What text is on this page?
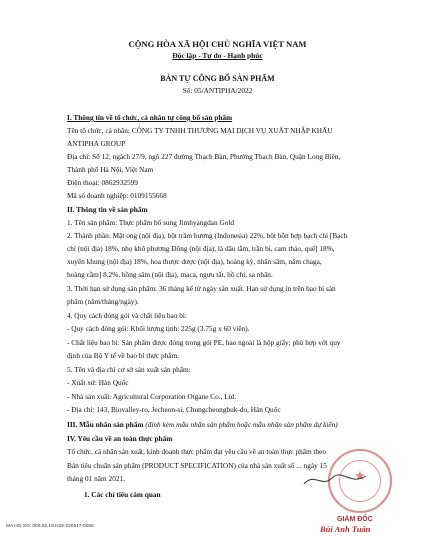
CỘNG HÒA XÃ HỘI CHỦ NGHĨA VIỆT NAM
Độc lập - Tự do - Hạnh phúc
BẢN TỰ CÔNG BỐ SẢN PHẨM
Số: 05/ANTIPHA/2022
I. Thông tin về tổ chức, cá nhân tự công bố sản phẩm
Tên tổ chức, cá nhân: CÔNG TY TNHH THƯƠNG MẠI DỊCH VỤ XUẤT NHẬP KHẨU
ANTIPHA GROUP
Địa chỉ: Số 12, ngách 27/9, ngõ 227 đường Thạch Bàn, Phường Thạch Bàn, Quận Long Biên,
Thành phố Hà Nội, Việt Nam
Điện thoại: 0862932599
Mã số doanh nghiệp: 0109155668
II. Thông tin về sản phẩm
1. Tên sản phẩm: Thực phẩm bổ sung Jimhyangdan Gold
2. Thành phần: Mật ong (nội địa), bột trầm hương (Indonesia) 22%, bột hỗn hợp bạch chỉ [Bạch
chỉ (nội địa) 18%, nhọ khô phương Đông (nội địa), lá dâu tằm, trần bì, cam thảo, quế] 18%,
xuyên khung (nội địa) 18%, hoa thược dược (nội địa), hoàng kỳ, nhân sâm, nấm chaga,
hoàng cầm] 8.2%, hồng sâm (nội địa), maca, ngưu tất, hồ chi, sa nhân.
3. Thời hạn sử dụng sản phẩm: 36 tháng kể từ ngày sản xuất. Hạn sử dụng in trên bao bì sản
phẩm (năm/tháng/ngày).
4. Quy cách đóng gói và chất liệu bao bì:
- Quy cách đóng gói: Khối lượng tịnh: 225g (3.75g x 60 viên).
- Chất liệu bao bì: Sản phẩm được đóng trong gói PE, bao ngoài là hộp giấy; phù hợp với quy
định của Bộ Y tế về bao bì thực phẩm.
5. Tên và địa chỉ cơ sở sản xuất sản phẩm:
- Xuất xứ: Hàn Quốc
- Nhà sản xuất: Agricultural Corporation Otgane Co., Ltd.
- Địa chỉ: 143, Biovalley-ro, Jecheon-si, Chungcheongbuk-do, Hàn Quốc
III. Mẫu nhãn sản phẩm (đính kèm mẫu nhãn sản phẩm hoặc mẫu nhãn sản phẩm dự kiến)
IV. Yêu cầu về an toàn thực phẩm
Tổ chức, cá nhân sản xuất, kinh doanh thực phẩm đạt yêu cầu về an toàn thực phẩm theo
Bản tiêu chuẩn sản phẩm (PRODUCT SPECIFICATION) của nhà sản xuất số ... ngày 15
tháng 01 năm 2021.
1. Các chỉ tiêu cảm quan
★
GIÁM ĐỐC
Bùi Anh Tuấn
MA HO SO: 000.02.19.H26-220517-0055
